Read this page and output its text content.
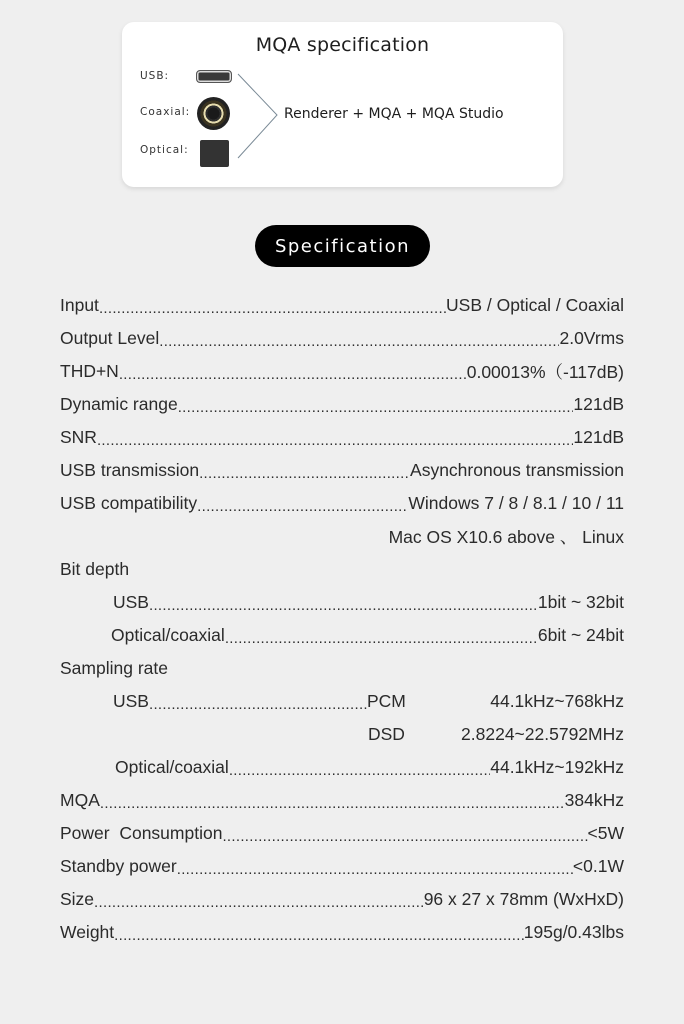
MQA specification
USB:
Coaxial:
Optical:
Renderer + MQA + MQA Studio
Specification
Input .....	USB / Optical / Coaxial
Output Level .....	2.0Vrms
THD+N .....	0.00013%（-117dB)
Dynamic range .....	121dB
SNR .....	121dB
USB transmission .....	Asynchronous transmission
USB compatibility .....	Windows 7 / 8 / 8.1 / 10 / 11
Mac OS X10.6 above 、 Linux
Bit depth
USB .....	1bit ~ 32bit
Optical/coaxial .....	6bit ~ 24bit
Sampling rate
USB .....	PCM	44.1kHz~768kHz
DSD	2.8224~22.5792MHz
Optical/coaxial .....	44.1kHz~192kHz
MQA .....	384kHz
Power  Consumption .....	<5W
Standby power .....	<0.1W
Size .....	96 x 27 x 78mm (WxHxD)
Weight .....	195g/0.43lbs
